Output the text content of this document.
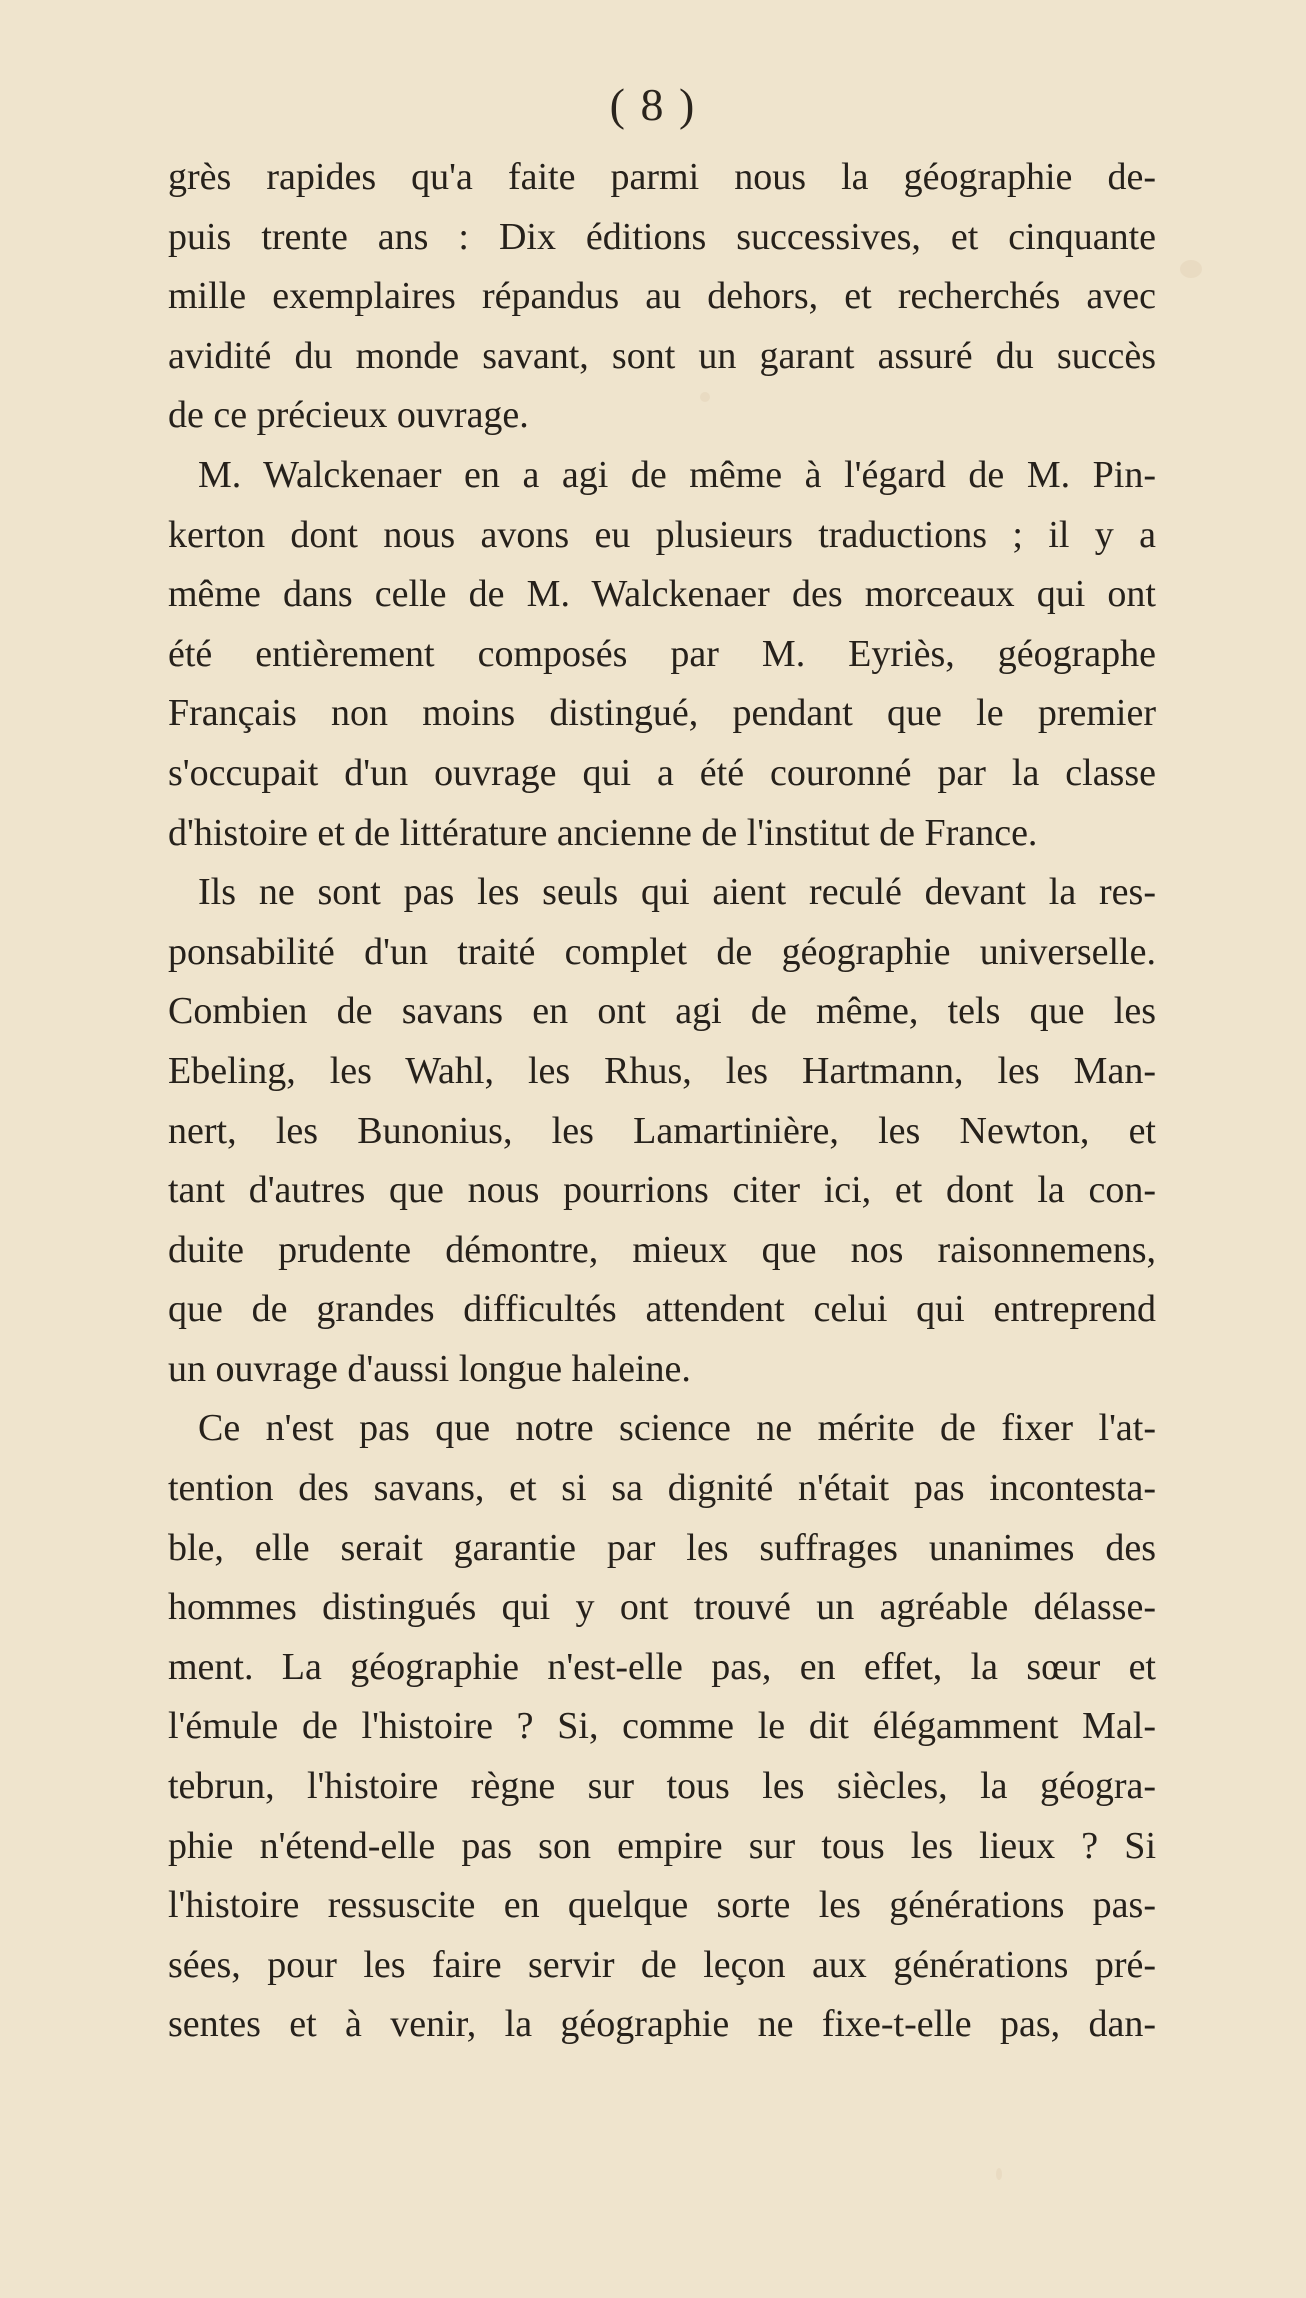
( 8 )
grès rapides qu'a faite parmi nous la géographie de-
puis trente ans : Dix éditions successives, et cinquante
mille exemplaires répandus au dehors, et recherchés avec
avidité du monde savant, sont un garant assuré du succès
de ce précieux ouvrage.
M. Walckenaer en a agi de même à l'égard de M. Pin-
kerton dont nous avons eu plusieurs traductions ; il y a
même dans celle de M. Walckenaer des morceaux qui ont
été entièrement composés par M. Eyriès, géographe
Français non moins distingué, pendant que le premier
s'occupait d'un ouvrage qui a été couronné par la classe
d'histoire et de littérature ancienne de l'institut de France.
Ils ne sont pas les seuls qui aient reculé devant la res-
ponsabilité d'un traité complet de géographie universelle.
Combien de savans en ont agi de même, tels que les
Ebeling, les Wahl, les Rhus, les Hartmann, les Man-
nert, les Bunonius, les Lamartinière, les Newton, et
tant d'autres que nous pourrions citer ici, et dont la con-
duite prudente démontre, mieux que nos raisonnemens,
que de grandes difficultés attendent celui qui entreprend
un ouvrage d'aussi longue haleine.
Ce n'est pas que notre science ne mérite de fixer l'at-
tention des savans, et si sa dignité n'était pas incontesta-
ble, elle serait garantie par les suffrages unanimes des
hommes distingués qui y ont trouvé un agréable délasse-
ment. La géographie n'est-elle pas, en effet, la sœur et
l'émule de l'histoire ? Si, comme le dit élégamment Mal-
tebrun, l'histoire règne sur tous les siècles, la géogra-
phie n'étend-elle pas son empire sur tous les lieux ? Si
l'histoire ressuscite en quelque sorte les générations pas-
sées, pour les faire servir de leçon aux générations pré-
sentes et à venir, la géographie ne fixe-t-elle pas, dan-
